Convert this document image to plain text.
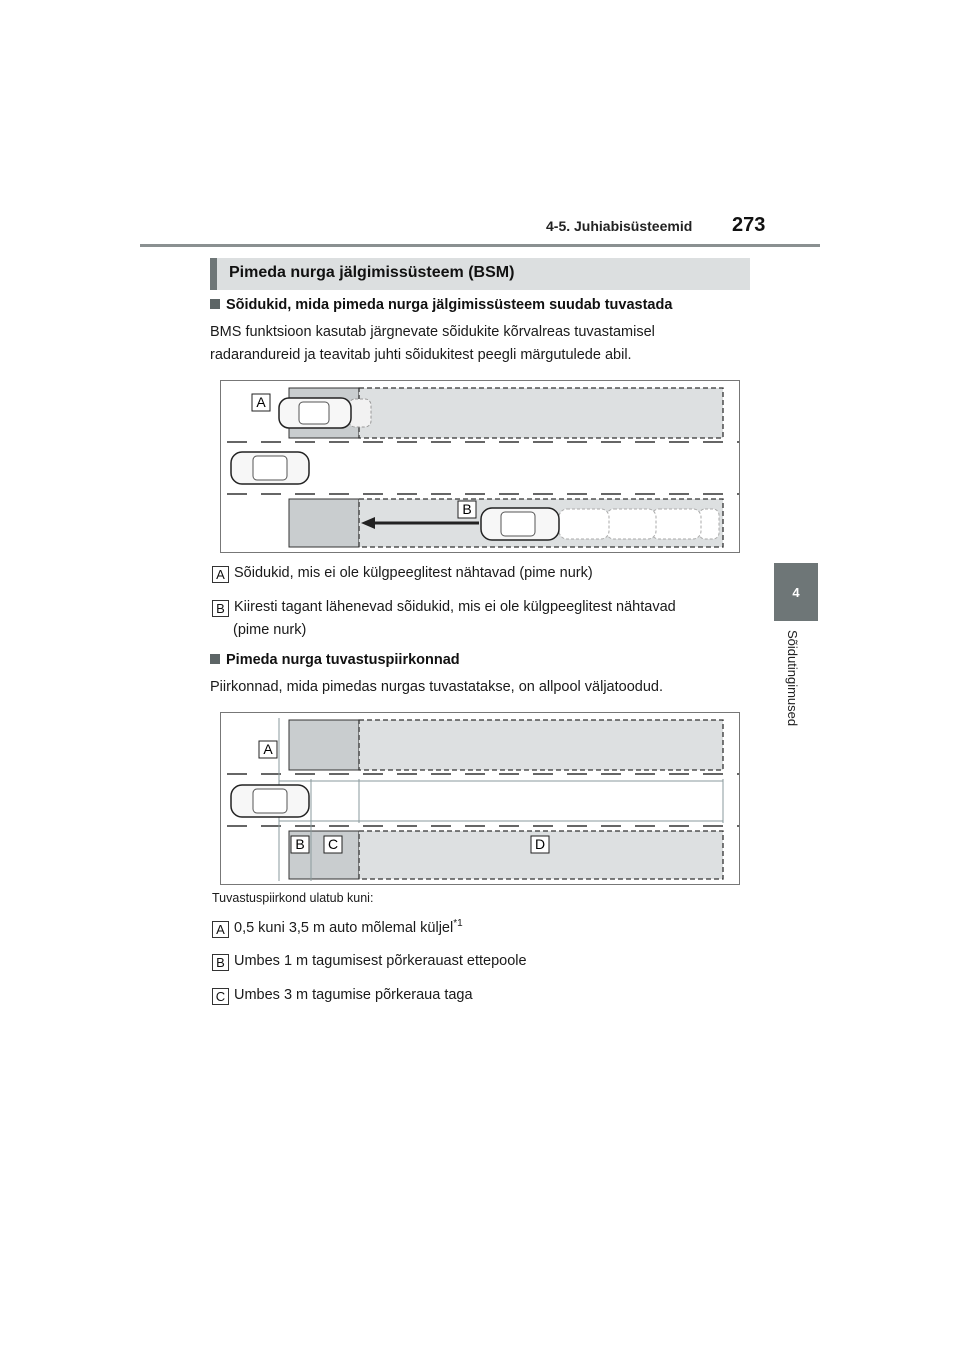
4-5. Juhiabisüsteemid 273
4
Sõidutingimused
Pimeda nurga jälgimissüsteem (BSM)
Sõidukid, mida pimeda nurga jälgimissüsteem suudab tuvastada
BMS funktsioon kasutab järgnevate sõidukite kõrvalreas tuvastamisel
radarandureid ja teavitab juhti sõidukitest peegli märgutulede abil.
A
B
A Sõidukid, mis ei ole külgpeeglitest nähtavad (pime nurk)
B Kiiresti tagant lähenevad sõidukid, mis ei ole külgpeeglitest nähtavad
(pime nurk)
Pimeda nurga tuvastuspiirkonnad
Piirkonnad, mida pimedas nurgas tuvastatakse, on allpool väljatoodud.
A
B C	D
Tuvastuspiirkond ulatub kuni:
A 0,5 kuni 3,5 m auto mõlemal küljel$^{*1}$
B Umbes 1 m tagumisest põrkerauast ettepoole
C Umbes 3 m tagumise põrkeraua taga
